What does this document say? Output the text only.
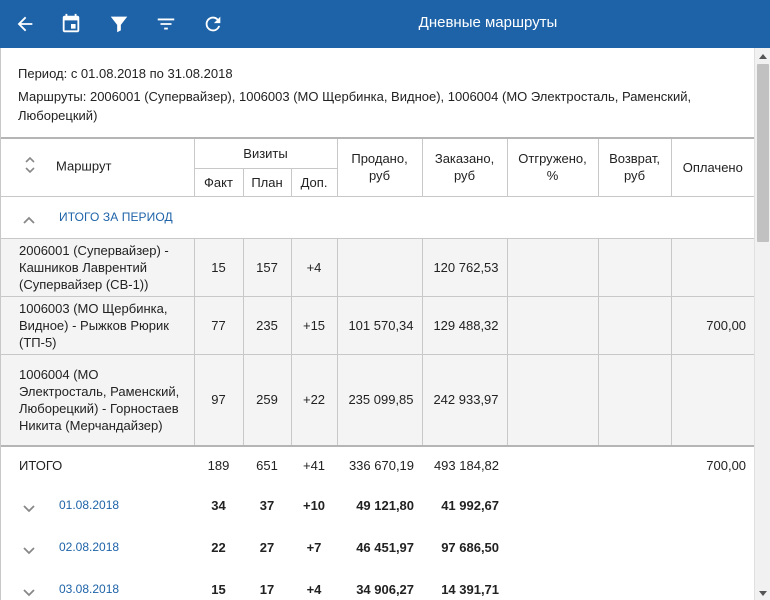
Дневные маршруты
Период: с 01.08.2018 по 31.08.2018
Маршруты: 2006001 (Супервайзер), 1006003 (МО Щербинка, Видное), 1006004 (МО Электросталь, Раменский, Люборецкий)
Маршрут	Визиты			Продано, руб	Заказано, руб	Отгружено, %	Возврат, руб	Оплачено
	Факт	План	Доп.					
ИТОГО ЗА ПЕРИОД								
2006001 (Супервайзер) - Кашников Лаврентий (Супервайзер (СВ-1))	15	157	+4		120 762,53			
1006003 (МО Щербинка, Видное) - Рыжков Рюрик (ТП-5)	77	235	+15	101 570,34	129 488,32			700,00
1006004 (МО Электросталь, Раменский, Люборецкий) - Горностаев Никита (Мерчандайзер)	97	259	+22	235 099,85	242 933,97			
ИТОГО	189	651	+41	336 670,19	493 184,82			700,00
01.08.2018	34	37	+10	49 121,80	41 992,67			
02.08.2018	22	27	+7	46 451,97	97 686,50			
03.08.2018	15	17	+4	34 906,27	14 391,71			
